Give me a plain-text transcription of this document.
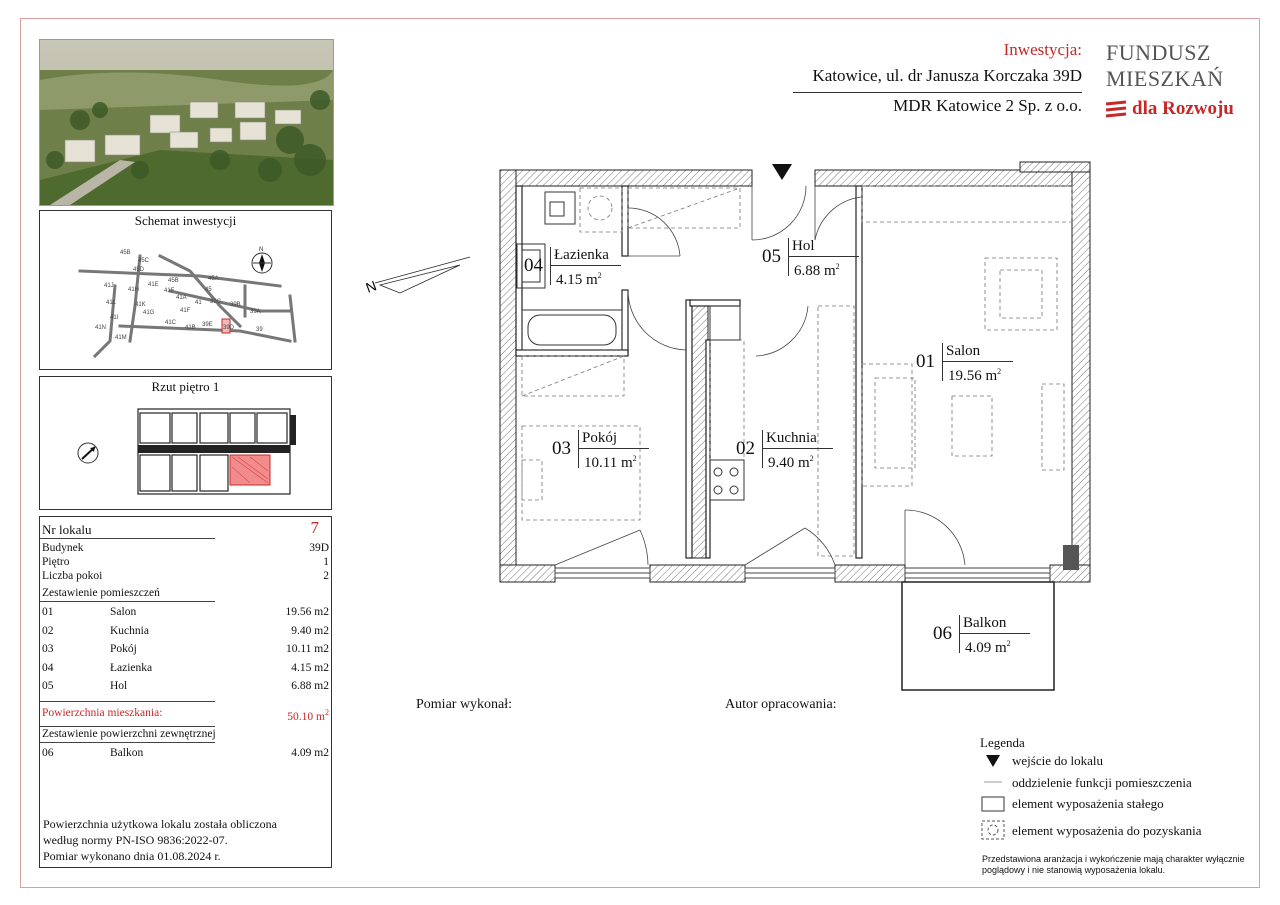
Schemat inwestycji
45B
45C
45D
45B	45A
41J
41H
41E
41F	45
41A
41
41L	41K
41G	41F
39C 39B
39A
41N
41I
41C
41B 39E 39D	39
41M
N
Rzut piętro 1
Nr lokalu	7
Budynek	39D
Piętro	1
Liczba pokoi	2
Zestawienie pomieszczeń
01	Salon	19.56 m2
02	Kuchnia	9.40 m2
03	Pokój	10.11 m2
04	Łazienka	4.15 m2
05	Hol	6.88 m2
Powierzchnia mieszkania:	50.10 $m^2$
Zestawienie powierzchni zewnętrznej
06	Balkon	4.09 m2
Powierzchnia użytkowa lokalu została obliczona
według normy PN-ISO 9836:2022-07.
Pomiar wykonano dnia 01.08.2024 r.
Inwestycja:
Katowice, ul. dr Janusza Korczaka 39D
MDR Katowice 2 Sp. z o.o.
FUNDUSZ
MIESZKAŃ
dla Rozwoju
N
01 Salon
19.56 $m^2$
02 Kuchnia
9.40 $m^2$
03 Pokój
10.11 $m^2$
04 Łazienka
4.15 $m^2$
05 Hol
6.88 $m^2$
06 Balkon
4.09 $m^2$
Pomiar wykonał:	Autor opracowania:
Legenda
wejście do lokalu
oddzielenie funkcji pomieszczenia
element wyposażenia stałego
element wyposażenia do pozyskania
Przedstawiona aranżacja i wykończenie mają charakter wyłącznie
poglądowy i nie stanowią wyposażenia lokalu.
